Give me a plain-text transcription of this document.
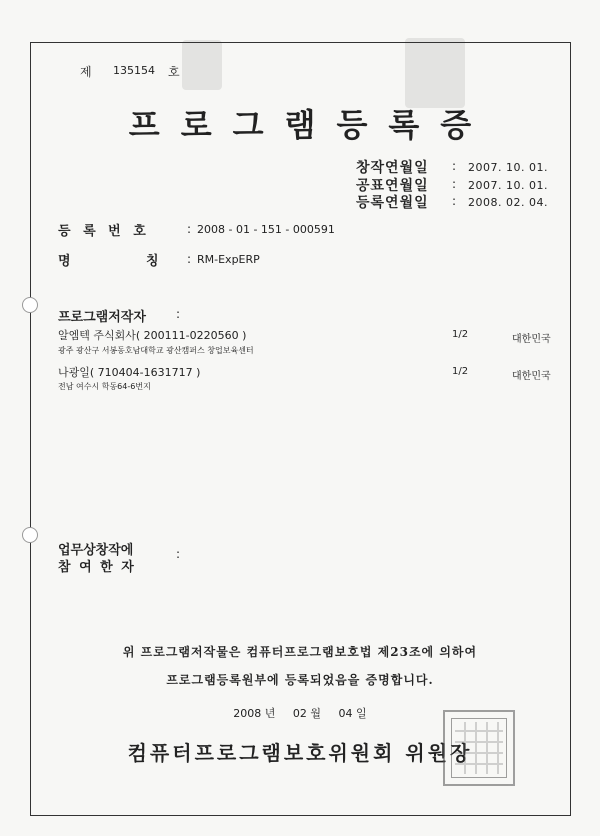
제 135154 호
프로그램등록증
창작연월일 : 2007. 10. 01.
공표연월일 : 2007. 10. 01.
등록연월일 : 2008. 02. 04.
등 록 번 호	: 2008 - 01 - 151 - 000591
명	칭 : RM-ExpERP
프로그램저작자	:
알엠텍 주식회사( 200111-0220560 )	1/2	대한민국
광주 광산구 서봉동호남대학교 광산캠퍼스 창업보육센터
나광일( 710404-1631717 )	1/2	대한민국
전남 여수시 학동64-6번지
업무상창작에
참 여 한 자
:
위 프로그램저작물은 컴퓨터프로그램보호법 제23조에 의하여
프로그램등록원부에 등록되었음을 증명합니다.
2008 년 02 월 04 일
컴퓨터프로그램보호위원회 위원장
